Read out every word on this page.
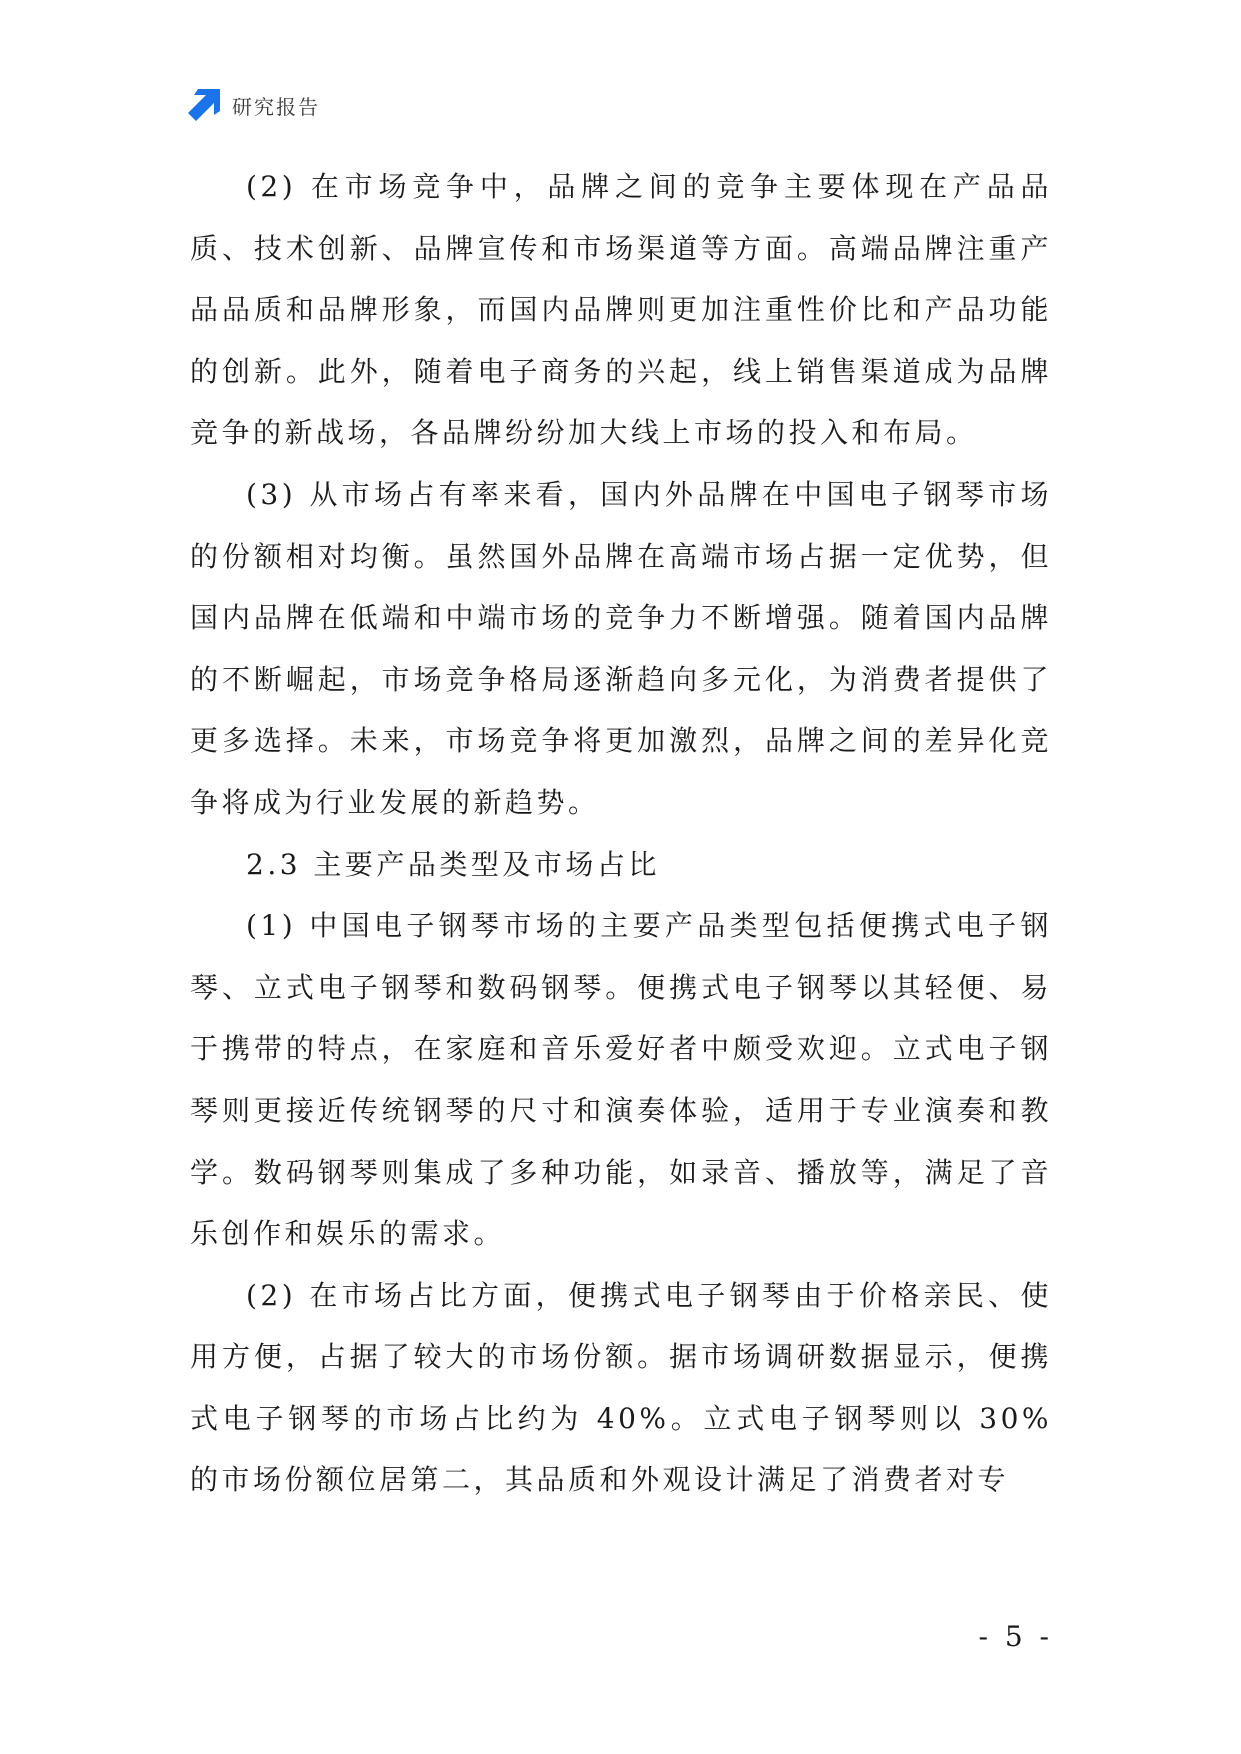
研究报告

(2) 在市场竞争中，品牌之间的竞争主要体现在产品品质、技术创新、品牌宣传和市场渠道等方面。高端品牌注重产品品质和品牌形象，而国内品牌则更加注重性价比和产品功能的创新。此外，随着电子商务的兴起，线上销售渠道成为品牌竞争的新战场，各品牌纷纷加大线上市场的投入和布局。

(3) 从市场占有率来看，国内外品牌在中国电子钢琴市场的份额相对均衡。虽然国外品牌在高端市场占据一定优势，但国内品牌在低端和中端市场的竞争力不断增强。随着国内品牌的不断崛起，市场竞争格局逐渐趋向多元化，为消费者提供了更多选择。未来，市场竞争将更加激烈，品牌之间的差异化竞争将成为行业发展的新趋势。

2.3 主要产品类型及市场占比

(1) 中国电子钢琴市场的主要产品类型包括便携式电子钢琴、立式电子钢琴和数码钢琴。便携式电子钢琴以其轻便、易于携带的特点，在家庭和音乐爱好者中颇受欢迎。立式电子钢琴则更接近传统钢琴的尺寸和演奏体验，适用于专业演奏和教学。数码钢琴则集成了多种功能，如录音、播放等，满足了音乐创作和娱乐的需求。

(2) 在市场占比方面，便携式电子钢琴由于价格亲民、使用方便，占据了较大的市场份额。据市场调研数据显示，便携式电子钢琴的市场占比约为 40%。立式电子钢琴则以 30%的市场份额位居第二，其品质和外观设计满足了消费者对专

- 5 -
